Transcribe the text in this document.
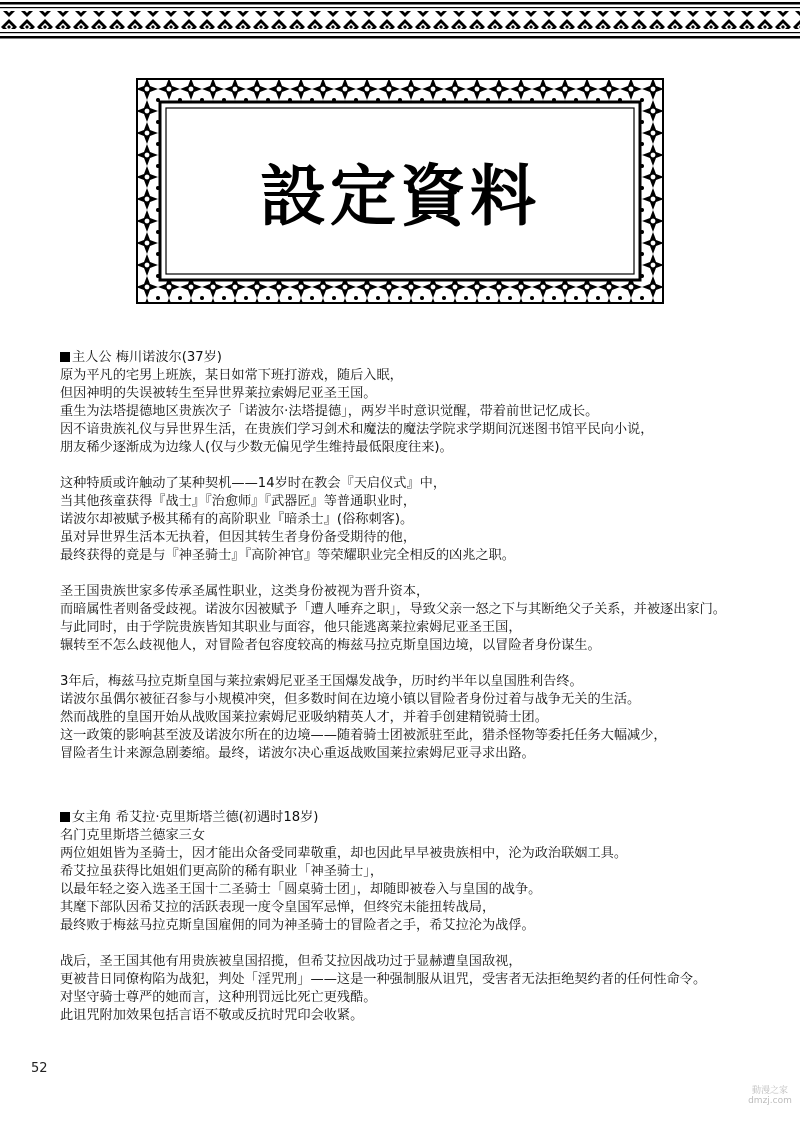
設定資料

主人公 梅川诺波尔(37岁)

原为平凡的宅男上班族，某日如常下班打游戏，随后入眠，

但因神明的失误被转生至异世界莱拉索姆尼亚圣王国。

重生为法塔提德地区贵族次子「诺波尔·法塔提德」，两岁半时意识觉醒，带着前世记忆成长。

因不谙贵族礼仪与异世界生活，在贵族们学习剑术和魔法的魔法学院求学期间沉迷图书馆平民向小说，

朋友稀少逐渐成为边缘人(仅与少数无偏见学生维持最低限度往来)。

这种特质或许触动了某种契机——14岁时在教会『天启仪式』中，

当其他孩童获得『战士』『治愈师』『武器匠』等普通职业时，

诺波尔却被赋予极其稀有的高阶职业『暗杀士』(俗称刺客)。

虽对异世界生活本无执着，但因其转生者身份备受期待的他，

最终获得的竟是与『神圣骑士』『高阶神官』等荣耀职业完全相反的凶兆之职。

圣王国贵族世家多传承圣属性职业，这类身份被视为晋升资本，

而暗属性者则备受歧视。诺波尔因被赋予「遭人唾弃之职」，导致父亲一怒之下与其断绝父子关系，并被逐出家门。

与此同时，由于学院贵族皆知其职业与面容，他只能逃离莱拉索姆尼亚圣王国，

辗转至不怎么歧视他人，对冒险者包容度较高的梅兹马拉克斯皇国边境，以冒险者身份谋生。

3年后，梅兹马拉克斯皇国与莱拉索姆尼亚圣王国爆发战争，历时约半年以皇国胜利告终。

诺波尔虽偶尔被征召参与小规模冲突，但多数时间在边境小镇以冒险者身份过着与战争无关的生活。

然而战胜的皇国开始从战败国莱拉索姆尼亚吸纳精英人才，并着手创建精锐骑士团。

这一政策的影响甚至波及诺波尔所在的边境——随着骑士团被派驻至此，猎杀怪物等委托任务大幅减少，

冒险者生计来源急剧萎缩。最终，诺波尔决心重返战败国莱拉索姆尼亚寻求出路。

女主角 希艾拉·克里斯塔兰德(初遇时18岁)

名门克里斯塔兰德家三女

两位姐姐皆为圣骑士，因才能出众备受同辈敬重，却也因此早早被贵族相中，沦为政治联姻工具。

希艾拉虽获得比姐姐们更高阶的稀有职业「神圣骑士」，

以最年轻之姿入选圣王国十二圣骑士「圆桌骑士团」，却随即被卷入与皇国的战争。

其麾下部队因希艾拉的活跃表现一度令皇国军忌惮，但终究未能扭转战局，

最终败于梅兹马拉克斯皇国雇佣的同为神圣骑士的冒险者之手，希艾拉沦为战俘。

战后，圣王国其他有用贵族被皇国招揽，但希艾拉因战功过于显赫遭皇国敌视，

更被昔日同僚构陷为战犯，判处「淫咒刑」——这是一种强制服从诅咒，受害者无法拒绝契约者的任何性命令。

对坚守骑士尊严的她而言，这种刑罚远比死亡更残酷。

此诅咒附加效果包括言语不敬或反抗时咒印会收紧。

52
動漫之家
dmzj.com
